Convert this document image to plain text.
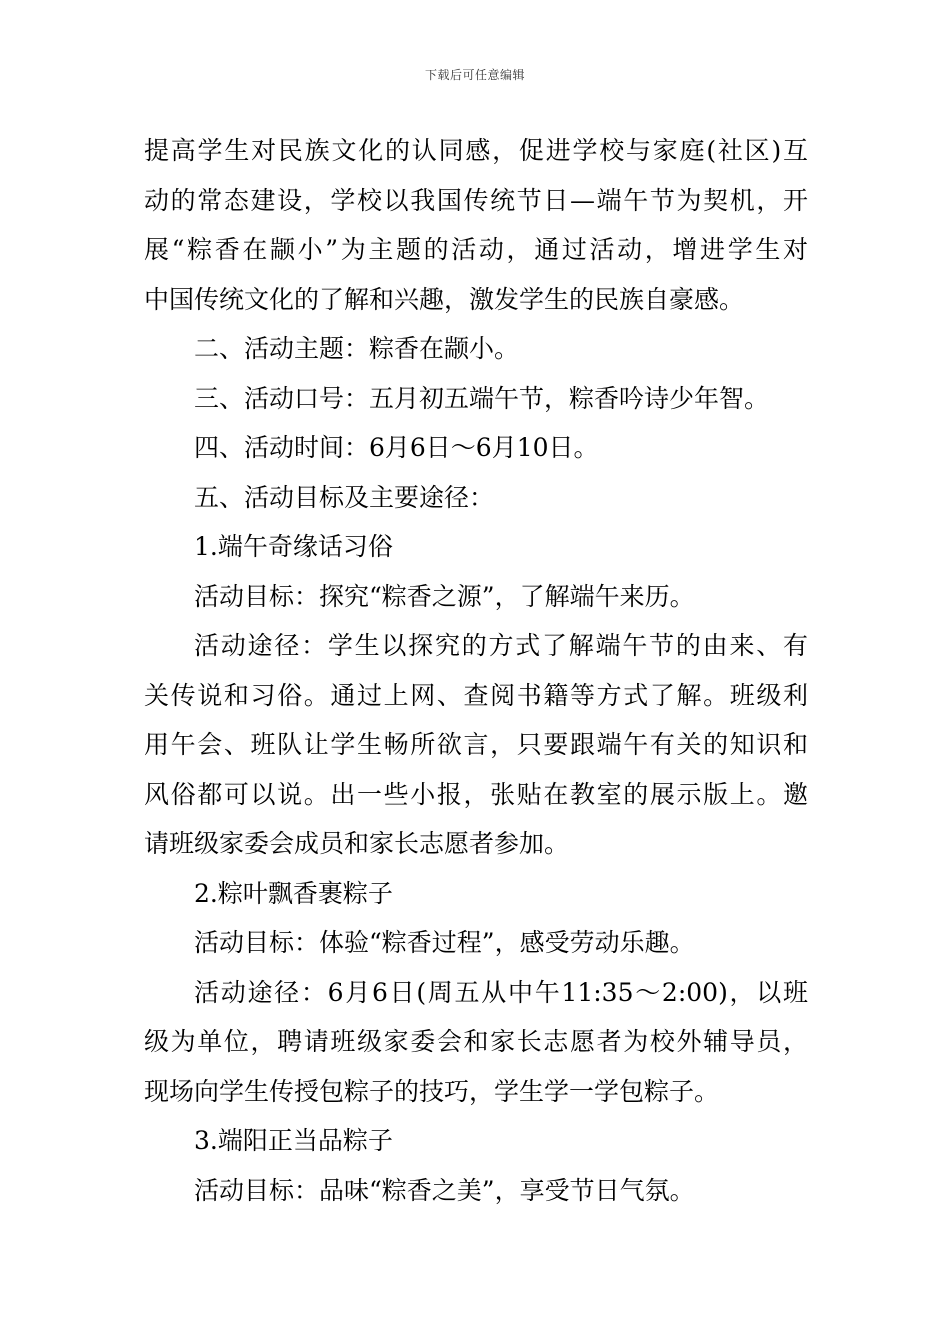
下载后可任意编辑
提高学生对民族文化的认同感，促进学校与家庭(社区)互
动的常态建设，学校以我国传统节日—端午节为契机，开
展“粽香在颛小”为主题的活动，通过活动，增进学生对
中国传统文化的了解和兴趣，激发学生的民族自豪感。
二、活动主题：粽香在颛小。
三、活动口号：五月初五端午节，粽香吟诗少年智。
四、活动时间：6月6日～6月10日。
五、活动目标及主要途径：
1.端午奇缘话习俗
活动目标：探究“粽香之源”，了解端午来历。
活动途径：学生以探究的方式了解端午节的由来、有
关传说和习俗。通过上网、查阅书籍等方式了解。班级利
用午会、班队让学生畅所欲言，只要跟端午有关的知识和
风俗都可以说。出一些小报，张贴在教室的展示版上。邀
请班级家委会成员和家长志愿者参加。
2.粽叶飘香裹粽子
活动目标：体验“粽香过程”，感受劳动乐趣。
活动途径：6月6日(周五从中午11:35～2:00)，以班
级为单位，聘请班级家委会和家长志愿者为校外辅导员，
现场向学生传授包粽子的技巧，学生学一学包粽子。
3.端阳正当品粽子
活动目标：品味“粽香之美”，享受节日气氛。
